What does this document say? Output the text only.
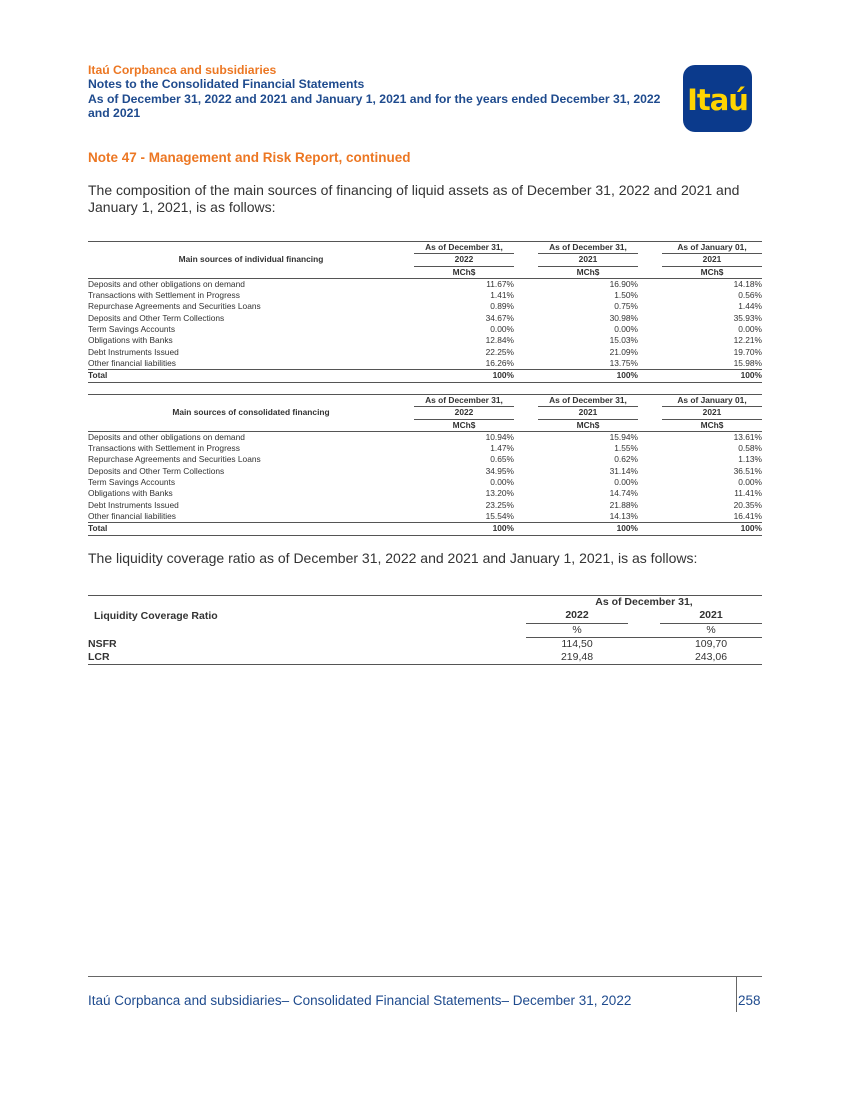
Itaú Corpbanca and subsidiaries
Notes to the Consolidated Financial Statements
As of December 31, 2022 and 2021 and January 1, 2021 and for the years ended December 31, 2022 and 2021	Itaú
Note 47 - Management and Risk Report, continued
The composition of the main sources of financing of liquid assets as of December 31, 2022 and 2021 and January 1, 2021, is as follows:
	As of December 31,		As of December 31,		As of January 01,
Main sources of individual financing	2022		2021		2021
	MCh$		MCh$		MCh$
Deposits and other obligations on demand	11.67%		16.90%		14.18%
Transactions with Settlement in Progress	1.41%		1.50%		0.56%
Repurchase Agreements and Securities Loans	0.89%		0.75%		1.44%
Deposits and Other Term Collections	34.67%		30.98%		35.93%
Term Savings Accounts	0.00%		0.00%		0.00%
Obligations with Banks	12.84%		15.03%		12.21%
Debt Instruments Issued	22.25%		21.09%		19.70%
Other financial liabilities	16.26%		13.75%		15.98%
Total	100%		100%		100%
	As of December 31,		As of December 31,		As of January 01,
Main sources of consolidated financing	2022		2021		2021
	MCh$		MCh$		MCh$
Deposits and other obligations on demand	10.94%		15.94%		13.61%
Transactions with Settlement in Progress	1.47%		1.55%		0.58%
Repurchase Agreements and Securities Loans	0.65%		0.62%		1.13%
Deposits and Other Term Collections	34.95%		31.14%		36.51%
Term Savings Accounts	0.00%		0.00%		0.00%
Obligations with Banks	13.20%		14.74%		11.41%
Debt Instruments Issued	23.25%		21.88%		20.35%
Other financial liabilities	15.54%		14.13%		16.41%
Total	100%		100%		100%
The liquidity coverage ratio as of December 31, 2022 and 2021 and January 1, 2021, is as follows:
	As of December 31,		
Liquidity Coverage Ratio	2022		2021
	%		%
NSFR	114,50		109,70
LCR	219,48		243,06
Itaú Corpbanca and subsidiaries– Consolidated Financial Statements– December 31, 2022	258
